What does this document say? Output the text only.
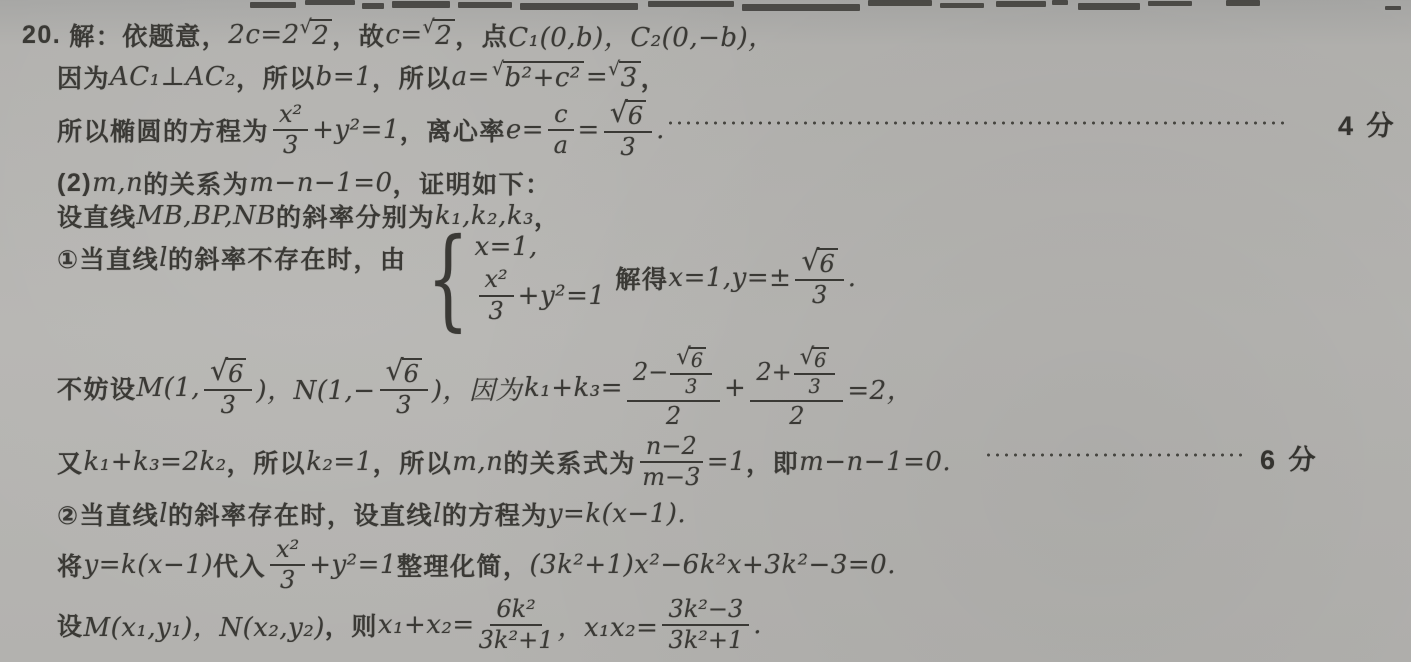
20. 解：依题意， 2c=2 √ 2 ，故 c= √ 2 ，点 C₁(0,b)，C₂(0,−b)，
因为 AC₁⊥AC₂ ，所以 b=1 ，所以 a= √ b²+c² = √ 3 ，
所以椭圆的方程为 $\frac{\text{x²}}{3} +y^2=1$ ，离心率 $e= \frac{c}{a} = \frac{√ 6}{3}$ .	4 分
(2) m,n 的关系为 m−n−1=0 ，证明如下：
设直线 MB,BP,NB 的斜率分别为 k₁,k₂,k₃ ，
①当直线 l 的斜率不存在时，由 { x=1,
$\frac{\text{x²}}{3} +y^2=1$
解得 $x=1,y=\pm \frac{√ 6}{3}$ .
不妨设 M(1, $\frac{√ 6}{3}$ )，$N(1,- \frac{√ 6}{3}$ )，因为 k₁+k₃=
$2- \frac{√ 6}{3}$
2
+
$2+ \frac{√ 6}{3}$
2
=2，
又 k₁+k₃=2k₂ ，所以 k₂=1 ，所以 m,n 的关系式为 $\frac{n-2}{m-3} =1$ ，即 m−n−1=0.	6 分
②当直线 l 的斜率存在时，设直线 l 的方程为 y=k(x−1).
将 y=k(x−1) 代入 $\frac{\text{x²}}{3} +y^2=1$ 整理化简， (3k²+1)x²−6k²x+3k²−3=0.
设 M(x₁,y₁)，N(x₂,y₂) ，则 $x_1+x_2= \frac{\text{6k²}}{\text{3k²+1}}$ ，$x_1x_2= \frac{\text{3k²−3}}{\text{3k²+1}}$ .
